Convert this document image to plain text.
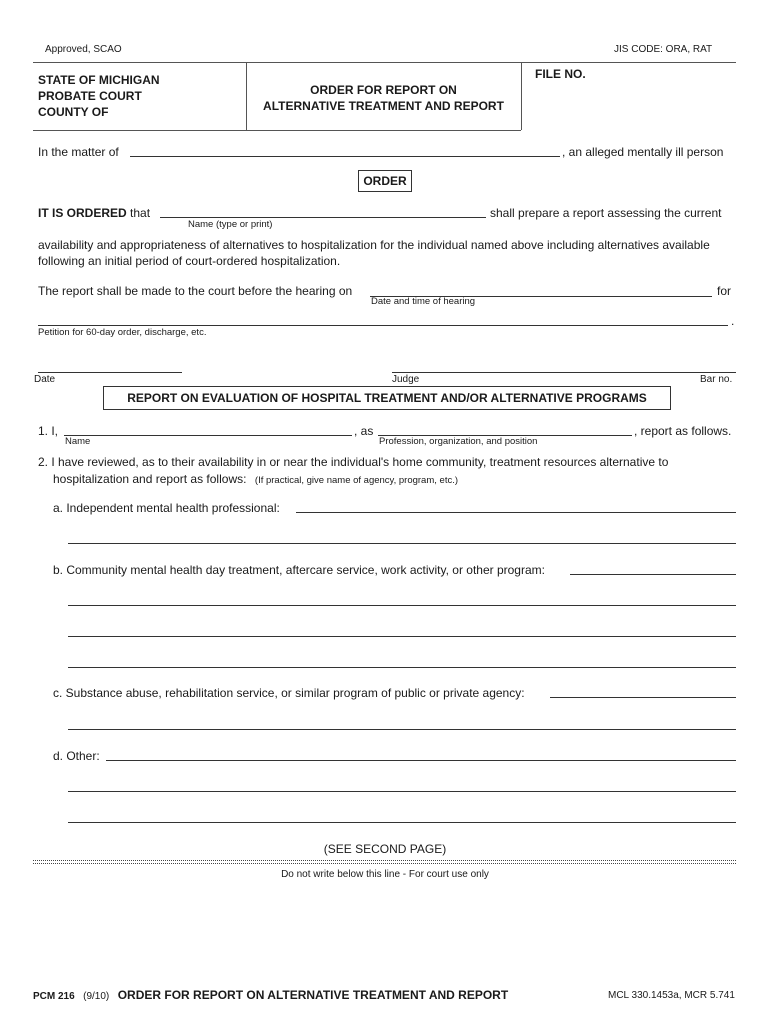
Approved, SCAO	JIS CODE: ORA, RAT
STATE OF MICHIGAN
PROBATE COURT
COUNTY OF
ORDER FOR REPORT ON
ALTERNATIVE TREATMENT AND REPORT
FILE NO.
In the matter of	, an alleged mentally ill person
ORDER
IT IS ORDERED that	shall prepare a report assessing the current
Name (type or print)
availability and appropriateness of alternatives to hospitalization for the individual named above including alternatives available
following an initial period of court-ordered hospitalization.
The report shall be made to the court before the hearing on	for
Date and time of hearing
.
Petition for 60-day order, discharge, etc.
Date	Judge	Bar no.
REPORT ON EVALUATION OF HOSPITAL TREATMENT AND/OR ALTERNATIVE PROGRAMS
1. I,	, as	, report as follows.
Name	Profession, organization, and position
2. I have reviewed, as to their availability in or near the individual's home community, treatment resources alternative to
hospitalization and report as follows: (If practical, give name of agency, program, etc.)
a. Independent mental health professional:
b. Community mental health day treatment, aftercare service, work activity, or other program:
c. Substance abuse, rehabilitation service, or similar program of public or private agency:
d. Other:
(SEE SECOND PAGE)
Do not write below this line - For court use only
PCM 216 (9/10) ORDER FOR REPORT ON ALTERNATIVE TREATMENT AND REPORT	MCL 330.1453a, MCR 5.741
